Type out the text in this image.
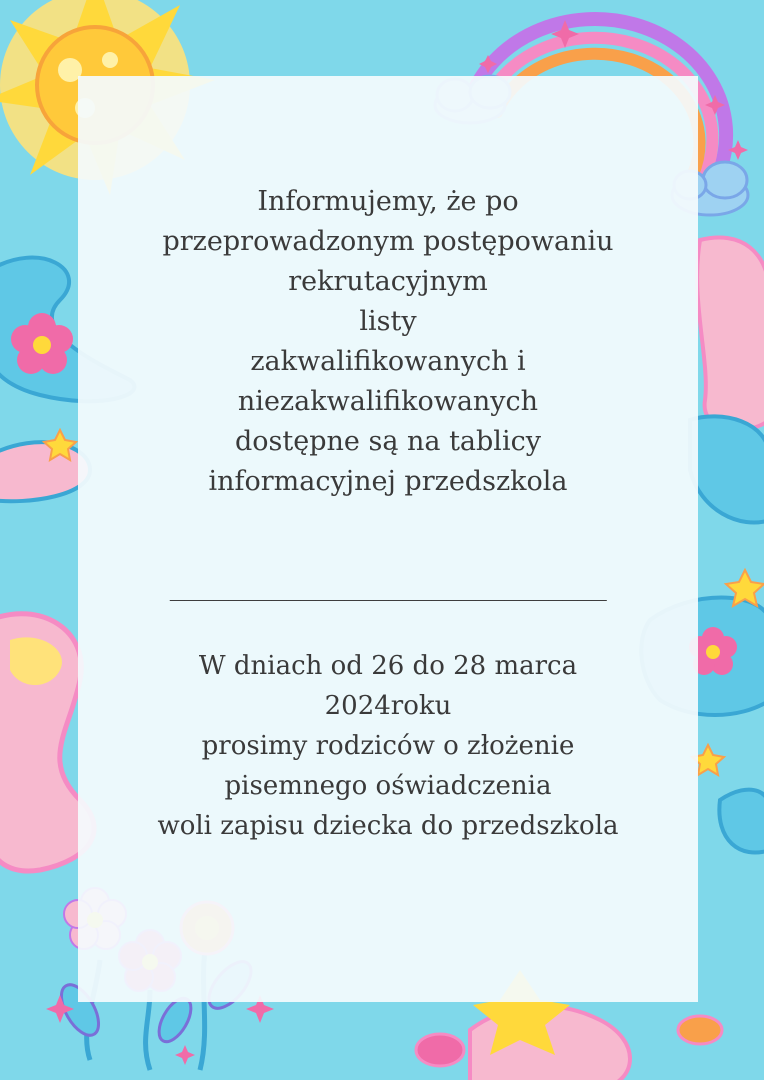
Informujemy, że po
przeprowadzonym postępowaniu
rekrutacyjnym
listy
zakwalifikowanych i
niezakwalifikowanych
dostępne są na tablicy
informacyjnej przedszkola
______________________________
W dniach od 26 do 28 marca
2024roku
prosimy rodziców o złożenie
pisemnego oświadczenia
woli zapisu dziecka do przedszkola
